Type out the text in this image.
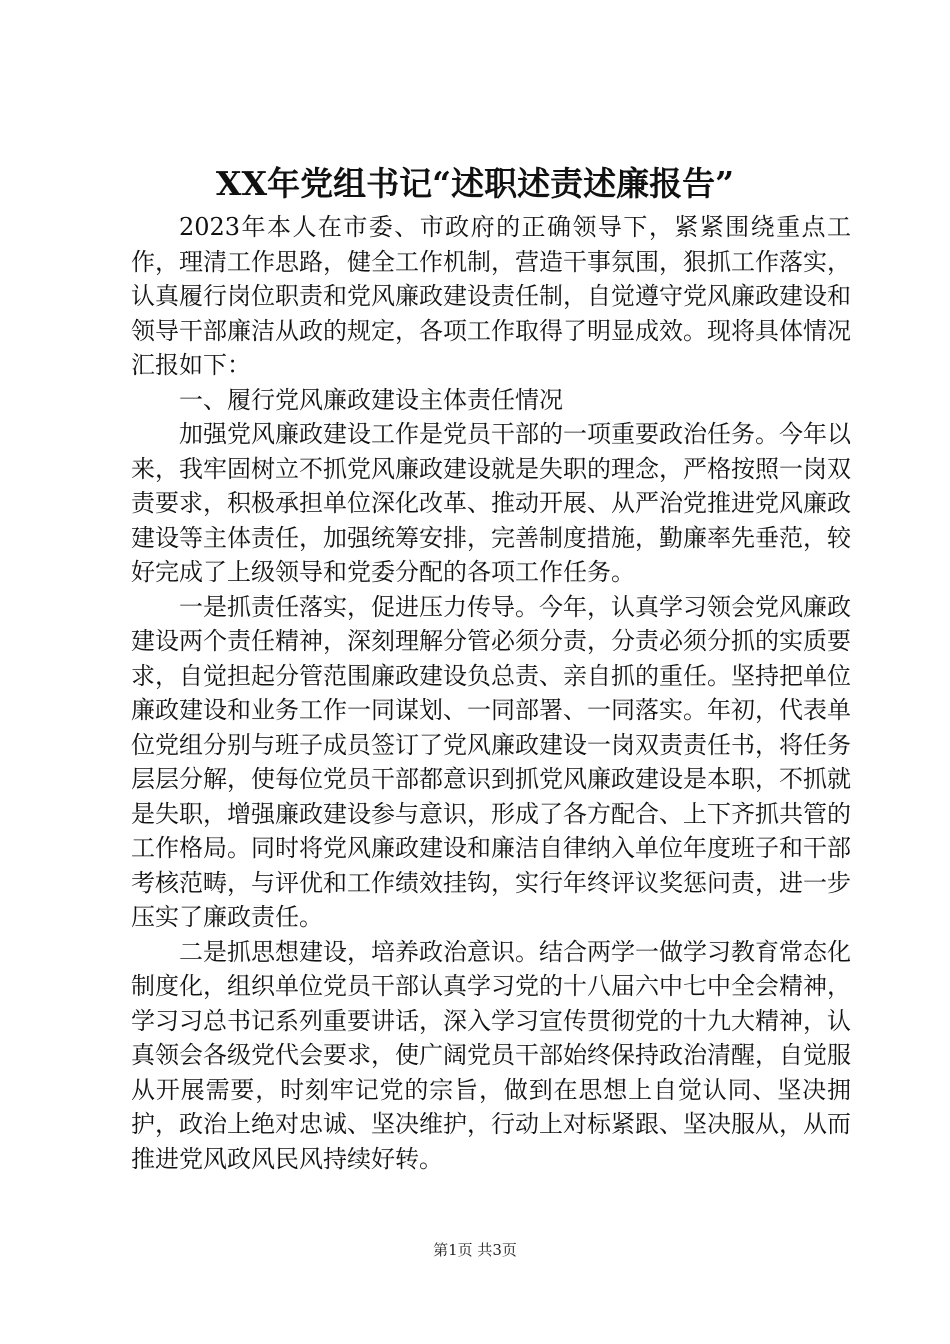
XX年党组书记“述职述责述廉报告”

2023年本人在市委、市政府的正确领导下，紧紧围绕重点工作，理清工作思路，健全工作机制，营造干事氛围，狠抓工作落实，认真履行岗位职责和党风廉政建设责任制，自觉遵守党风廉政建设和领导干部廉洁从政的规定，各项工作取得了明显成效。现将具体情况汇报如下：

一、履行党风廉政建设主体责任情况

加强党风廉政建设工作是党员干部的一项重要政治任务。今年以来，我牢固树立不抓党风廉政建设就是失职的理念，严格按照一岗双责要求，积极承担单位深化改革、推动开展、从严治党推进党风廉政建设等主体责任，加强统筹安排，完善制度措施，勤廉率先垂范，较好完成了上级领导和党委分配的各项工作任务。

一是抓责任落实，促进压力传导。今年，认真学习领会党风廉政建设两个责任精神，深刻理解分管必须分责，分责必须分抓的实质要求，自觉担起分管范围廉政建设负总责、亲自抓的重任。坚持把单位廉政建设和业务工作一同谋划、一同部署、一同落实。年初，代表单位党组分别与班子成员签订了党风廉政建设一岗双责责任书，将任务层层分解，使每位党员干部都意识到抓党风廉政建设是本职，不抓就是失职，增强廉政建设参与意识，形成了各方配合、上下齐抓共管的工作格局。同时将党风廉政建设和廉洁自律纳入单位年度班子和干部考核范畴，与评优和工作绩效挂钩，实行年终评议奖惩问责，进一步压实了廉政责任。

二是抓思想建设，培养政治意识。结合两学一做学习教育常态化制度化，组织单位党员干部认真学习党的十八届六中七中全会精神，学习习总书记系列重要讲话，深入学习宣传贯彻党的十九大精神，认真领会各级党代会要求，使广阔党员干部始终保持政治清醒，自觉服从开展需要，时刻牢记党的宗旨，做到在思想上自觉认同、坚决拥护，政治上绝对忠诚、坚决维护，行动上对标紧跟、坚决服从，从而推进党风政风民风持续好转。

第1页 共3页
